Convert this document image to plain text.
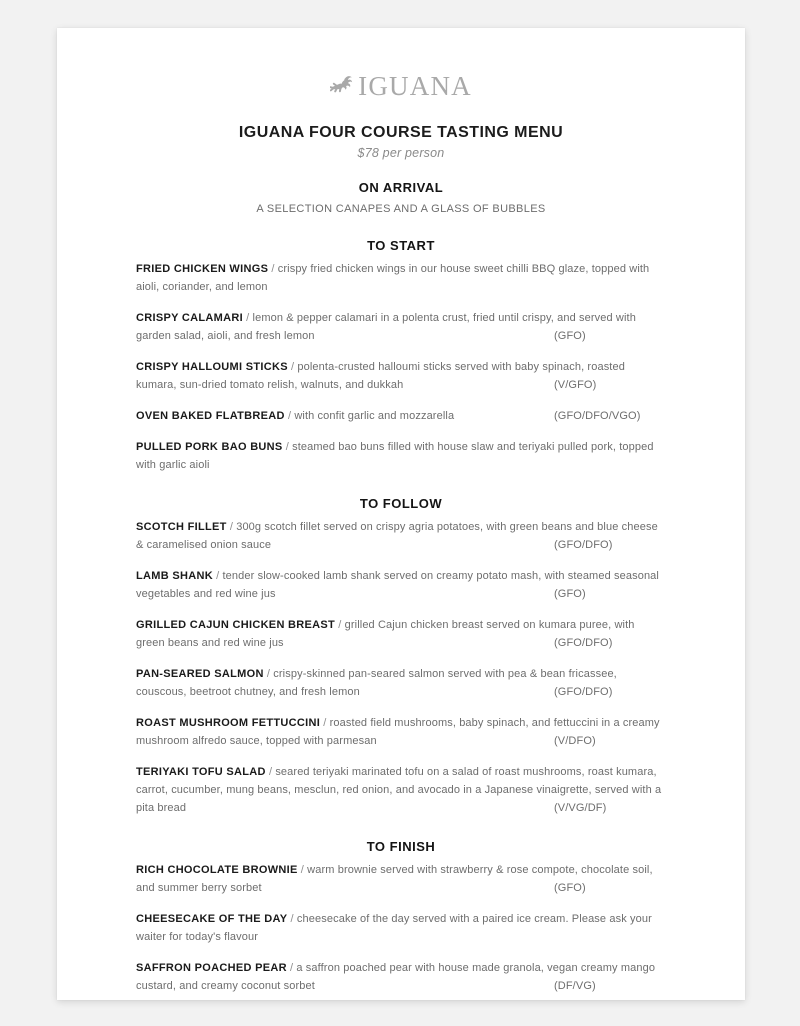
IGUANA
IGUANA FOUR COURSE TASTING MENU
$78 per person
ON ARRIVAL
A SELECTION CANAPES AND A GLASS OF BUBBLES
TO START
FRIED CHICKEN WINGS / crispy fried chicken wings in our house sweet chilli BBQ glaze, topped with aioli, coriander, and lemon
CRISPY CALAMARI / lemon & pepper calamari in a polenta crust, fried until crispy, and served with garden salad, aioli, and fresh lemon	(GFO)
CRISPY HALLOUMI STICKS / polenta-crusted halloumi sticks served with baby spinach, roasted kumara, sun-dried tomato relish, walnuts, and dukkah	(V/GFO)
OVEN BAKED FLATBREAD / with confit garlic and mozzarella	(GFO/DFO/VGO)
PULLED PORK BAO BUNS / steamed bao buns filled with house slaw and teriyaki pulled pork, topped with garlic aioli
TO FOLLOW
SCOTCH FILLET / 300g scotch fillet served on crispy agria potatoes, with green beans and blue cheese & caramelised onion sauce	(GFO/DFO)
LAMB SHANK / tender slow-cooked lamb shank served on creamy potato mash, with steamed seasonal vegetables and red wine jus	(GFO)
GRILLED CAJUN CHICKEN BREAST / grilled Cajun chicken breast served on kumara puree, with green beans and red wine jus	(GFO/DFO)
PAN-SEARED SALMON / crispy-skinned pan-seared salmon served with pea & bean fricassee, couscous, beetroot chutney, and fresh lemon	(GFO/DFO)
ROAST MUSHROOM FETTUCCINI / roasted field mushrooms, baby spinach, and fettuccini in a creamy mushroom alfredo sauce, topped with parmesan	(V/DFO)
TERIYAKI TOFU SALAD / seared teriyaki marinated tofu on a salad of roast mushrooms, roast kumara, carrot, cucumber, mung beans, mesclun, red onion, and avocado in a Japanese vinaigrette, served with a pita bread	(V/VG/DF)
TO FINISH
RICH CHOCOLATE BROWNIE / warm brownie served with strawberry & rose compote, chocolate soil, and summer berry sorbet	(GFO)
CHEESECAKE OF THE DAY / cheesecake of the day served with a paired ice cream. Please ask your waiter for today's flavour
SAFFRON POACHED PEAR / a saffron poached pear with house made granola, vegan creamy mango custard, and creamy coconut sorbet	(DF/VG)
